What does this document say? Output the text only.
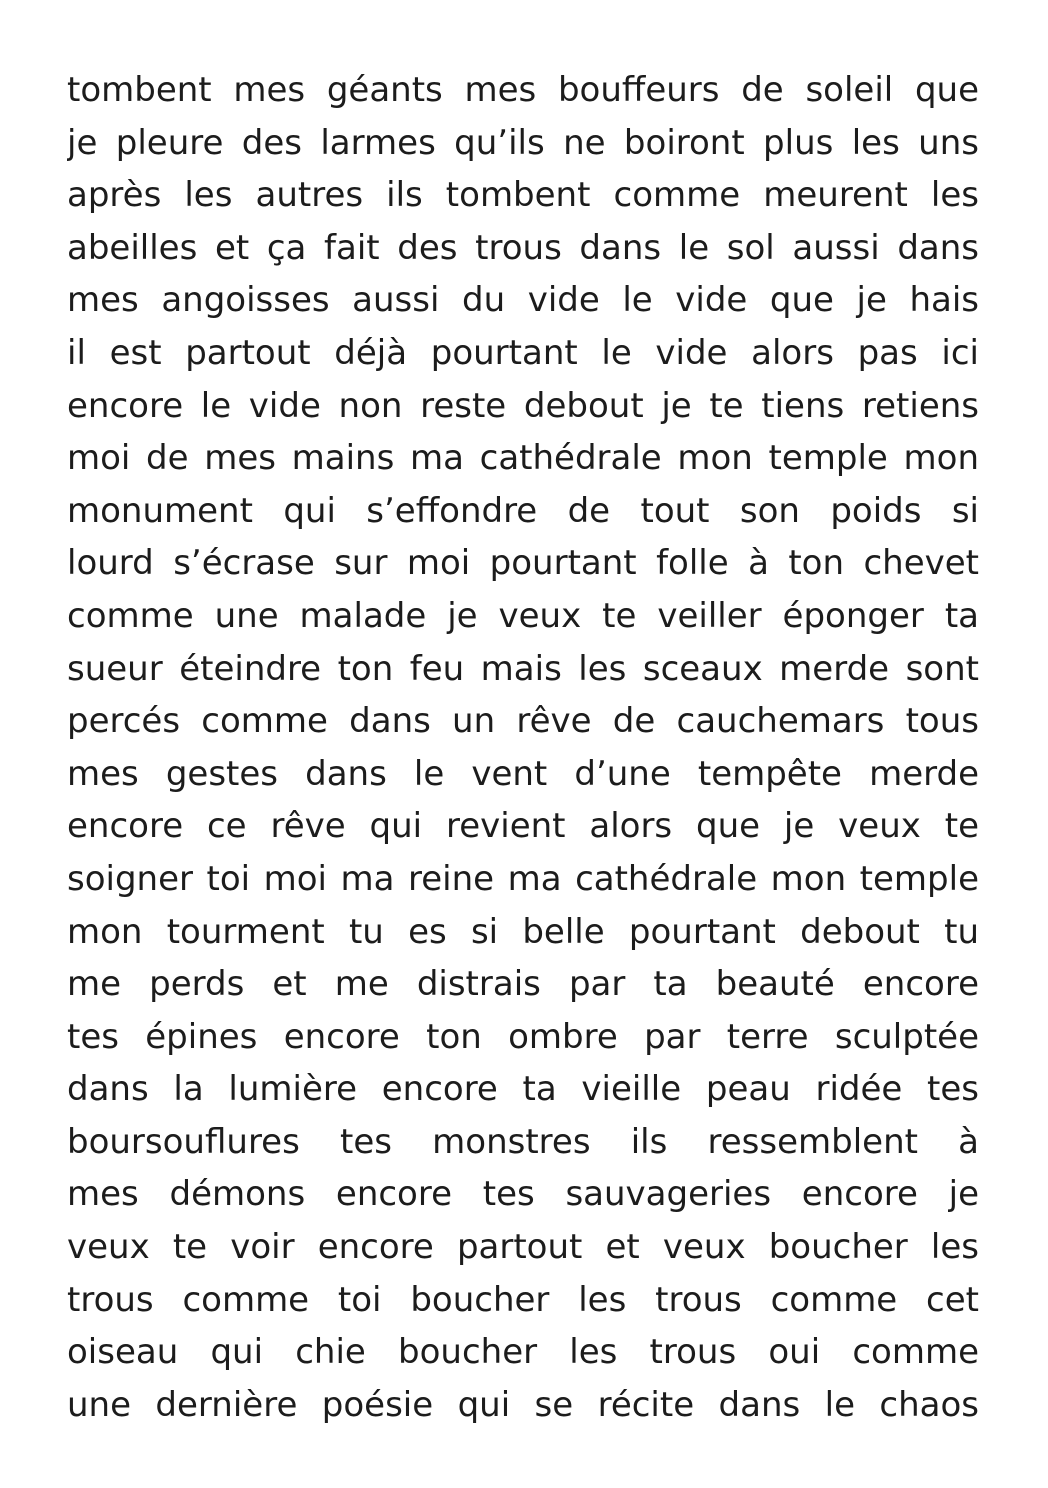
tombent mes géants mes bouffeurs de soleil que
je pleure des larmes qu’ils ne boiront plus les uns
après les autres ils tombent comme meurent les
abeilles et ça fait des trous dans le sol aussi dans
mes angoisses aussi du vide le vide que je hais
il est partout déjà pourtant le vide alors pas ici
encore le vide non reste debout je te tiens retiens
moi de mes mains ma cathédrale mon temple mon
monument qui s’effondre de tout son poids si
lourd s’écrase sur moi pourtant folle à ton chevet
comme une malade je veux te veiller éponger ta
sueur éteindre ton feu mais les sceaux merde sont
percés comme dans un rêve de cauchemars tous
mes gestes dans le vent d’une tempête merde
encore ce rêve qui revient alors que je veux te
soigner toi moi ma reine ma cathédrale mon temple
mon tourment tu es si belle pourtant debout tu
me perds et me distrais par ta beauté encore
tes épines encore ton ombre par terre sculptée
dans la lumière encore ta vieille peau ridée tes
boursouflures tes monstres ils ressemblent à
mes démons encore tes sauvageries encore je
veux te voir encore partout et veux boucher les
trous comme toi boucher les trous comme cet
oiseau qui chie boucher les trous oui comme
une dernière poésie qui se récite dans le chaos
